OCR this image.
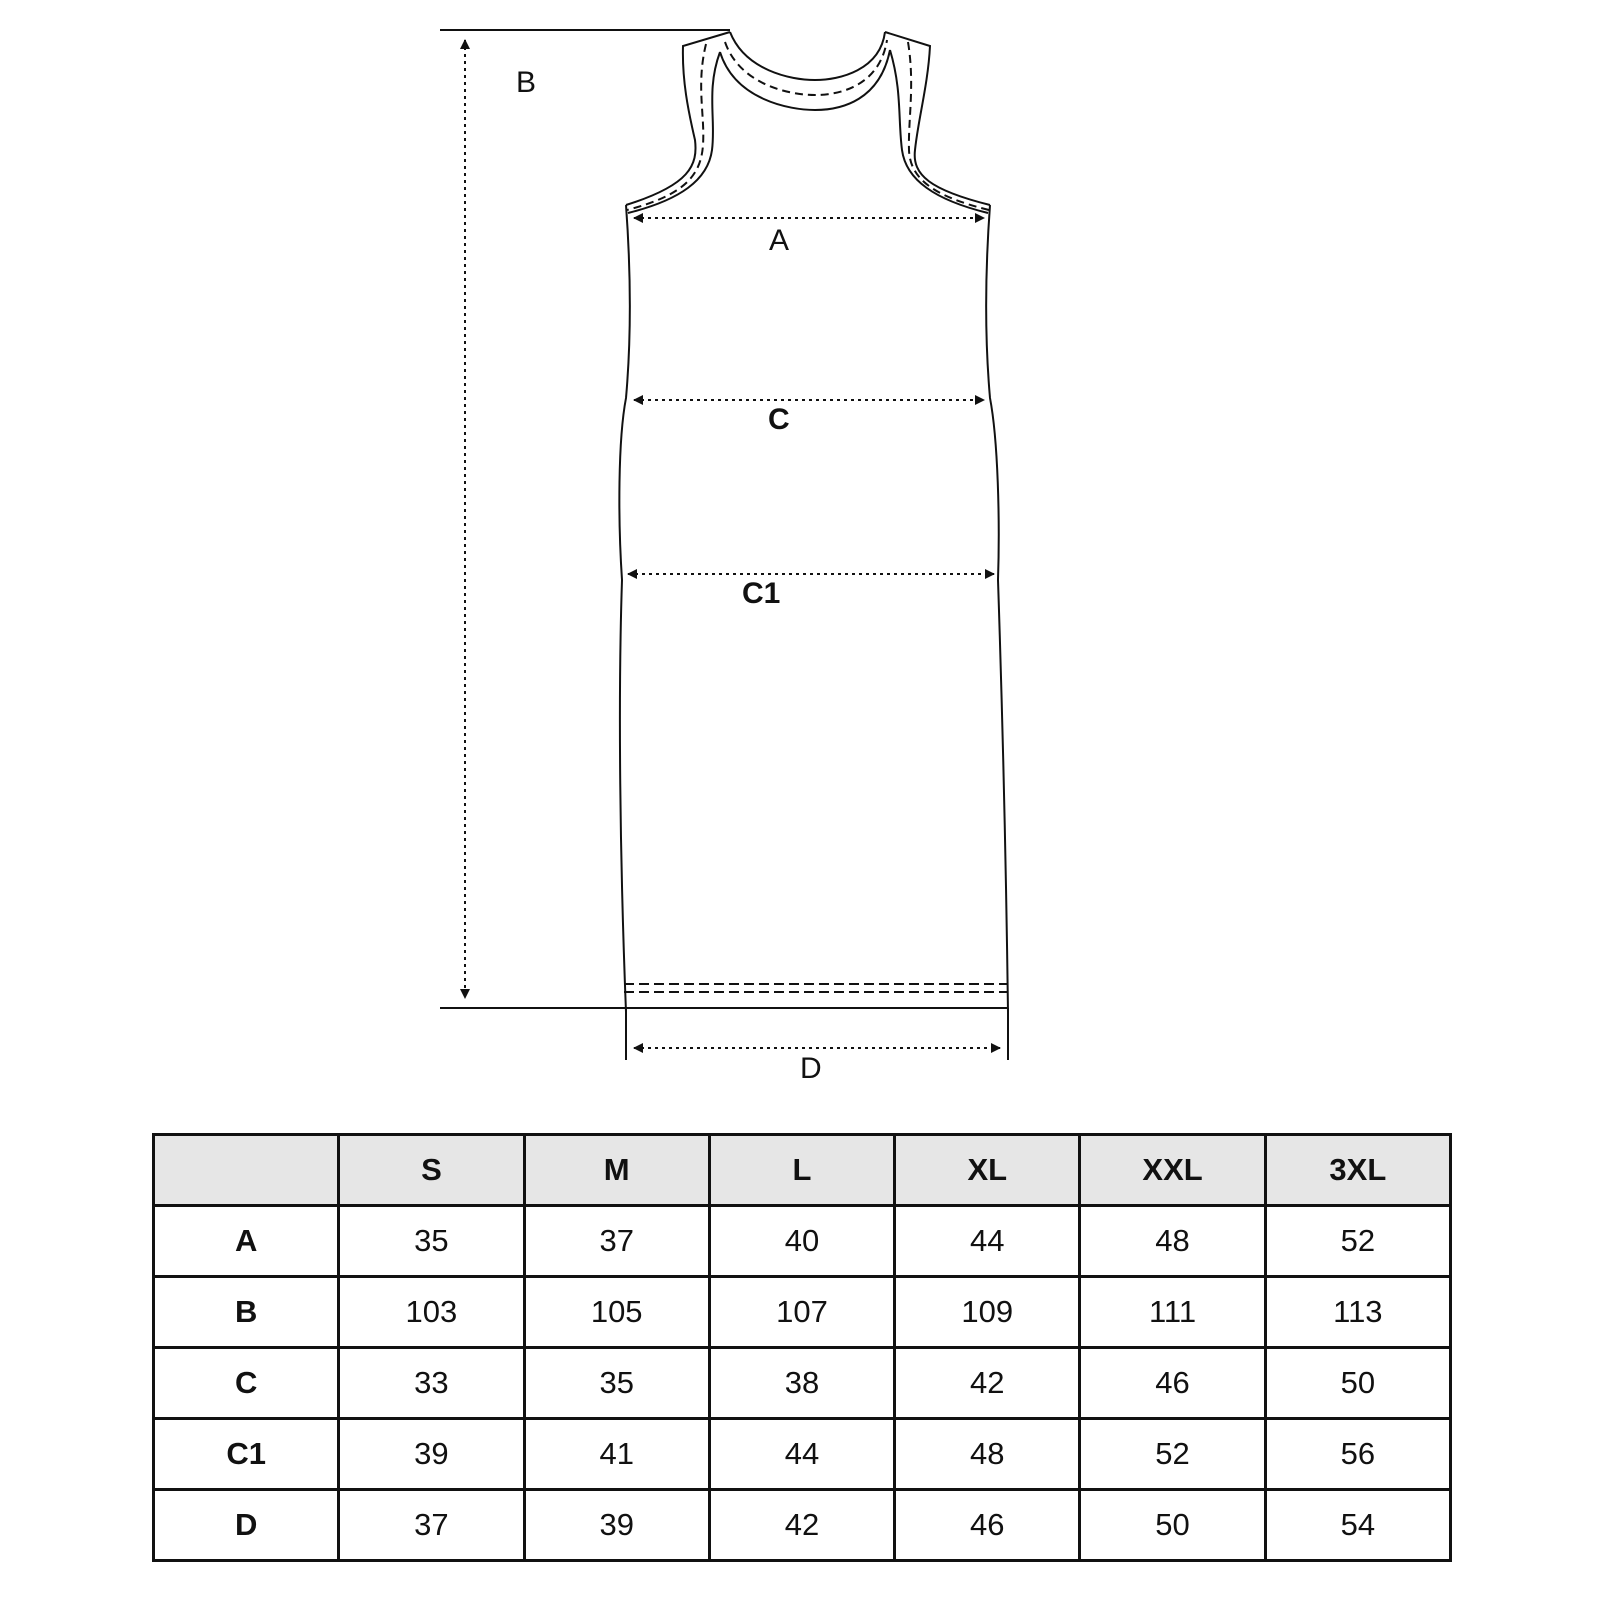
B
A
C
C1
D
	S	M	L	XL	XXL	3XL
A	35	37	40	44	48	52
B	103	105	107	109	111	113
C	33	35	38	42	46	50
C1	39	41	44	48	52	56
D	37	39	42	46	50	54
